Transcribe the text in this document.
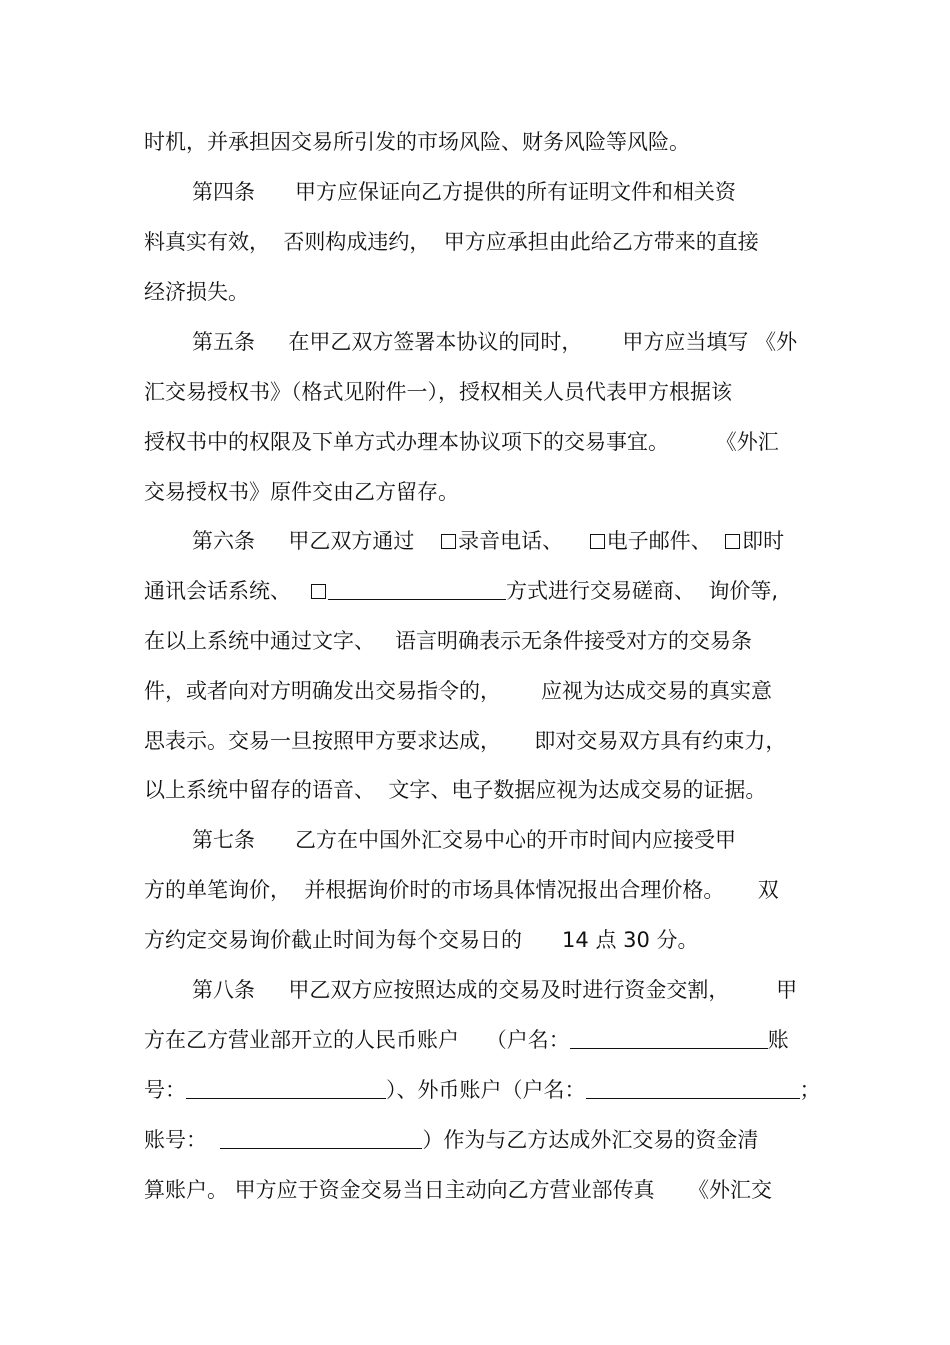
时机，并承担因交易所引发的市场风险、财务风险等风险。
第四条      甲方应保证向乙方提供的所有证明文件和相关资
料真实有效，  否则构成违约，  甲方应承担由此给乙方带来的直接
经济损失。
第五条     在甲乙双方签署本协议的同时，      甲方应当填写 《外
汇交易授权书》（格式见附件一），授权相关人员代表甲方根据该
授权书中的权限及下单方式办理本协议项下的交易事宜。       《外汇
交易授权书》原件交由乙方留存。
第六条     甲乙双方通过    录音电话、    电子邮件、  即时
通讯会话系统、	方式进行交易磋商、  询价等,
在以上系统中通过文字、   语言明确表示无条件接受对方的交易条
件，或者向对方明确发出交易指令的，      应视为达成交易的真实意
思表示。交易一旦按照甲方要求达成，     即对交易双方具有约束力，
以上系统中留存的语音、  文字、电子数据应视为达成交易的证据。
第七条      乙方在中国外汇交易中心的开市时间内应接受甲
方的单笔询价，  并根据询价时的市场具体情况报出合理价格。     双
方约定交易询价截止时间为每个交易日的      14 点 30 分。
第八条     甲乙双方应按照达成的交易及时进行资金交割，       甲
方在乙方营业部开立的人民币账户    （户名：	账
号：	）、外币账户（户名：	；
账号：	）作为与乙方达成外汇交易的资金清
算账户。 甲方应于资金交易当日主动向乙方营业部传真     《外汇交
